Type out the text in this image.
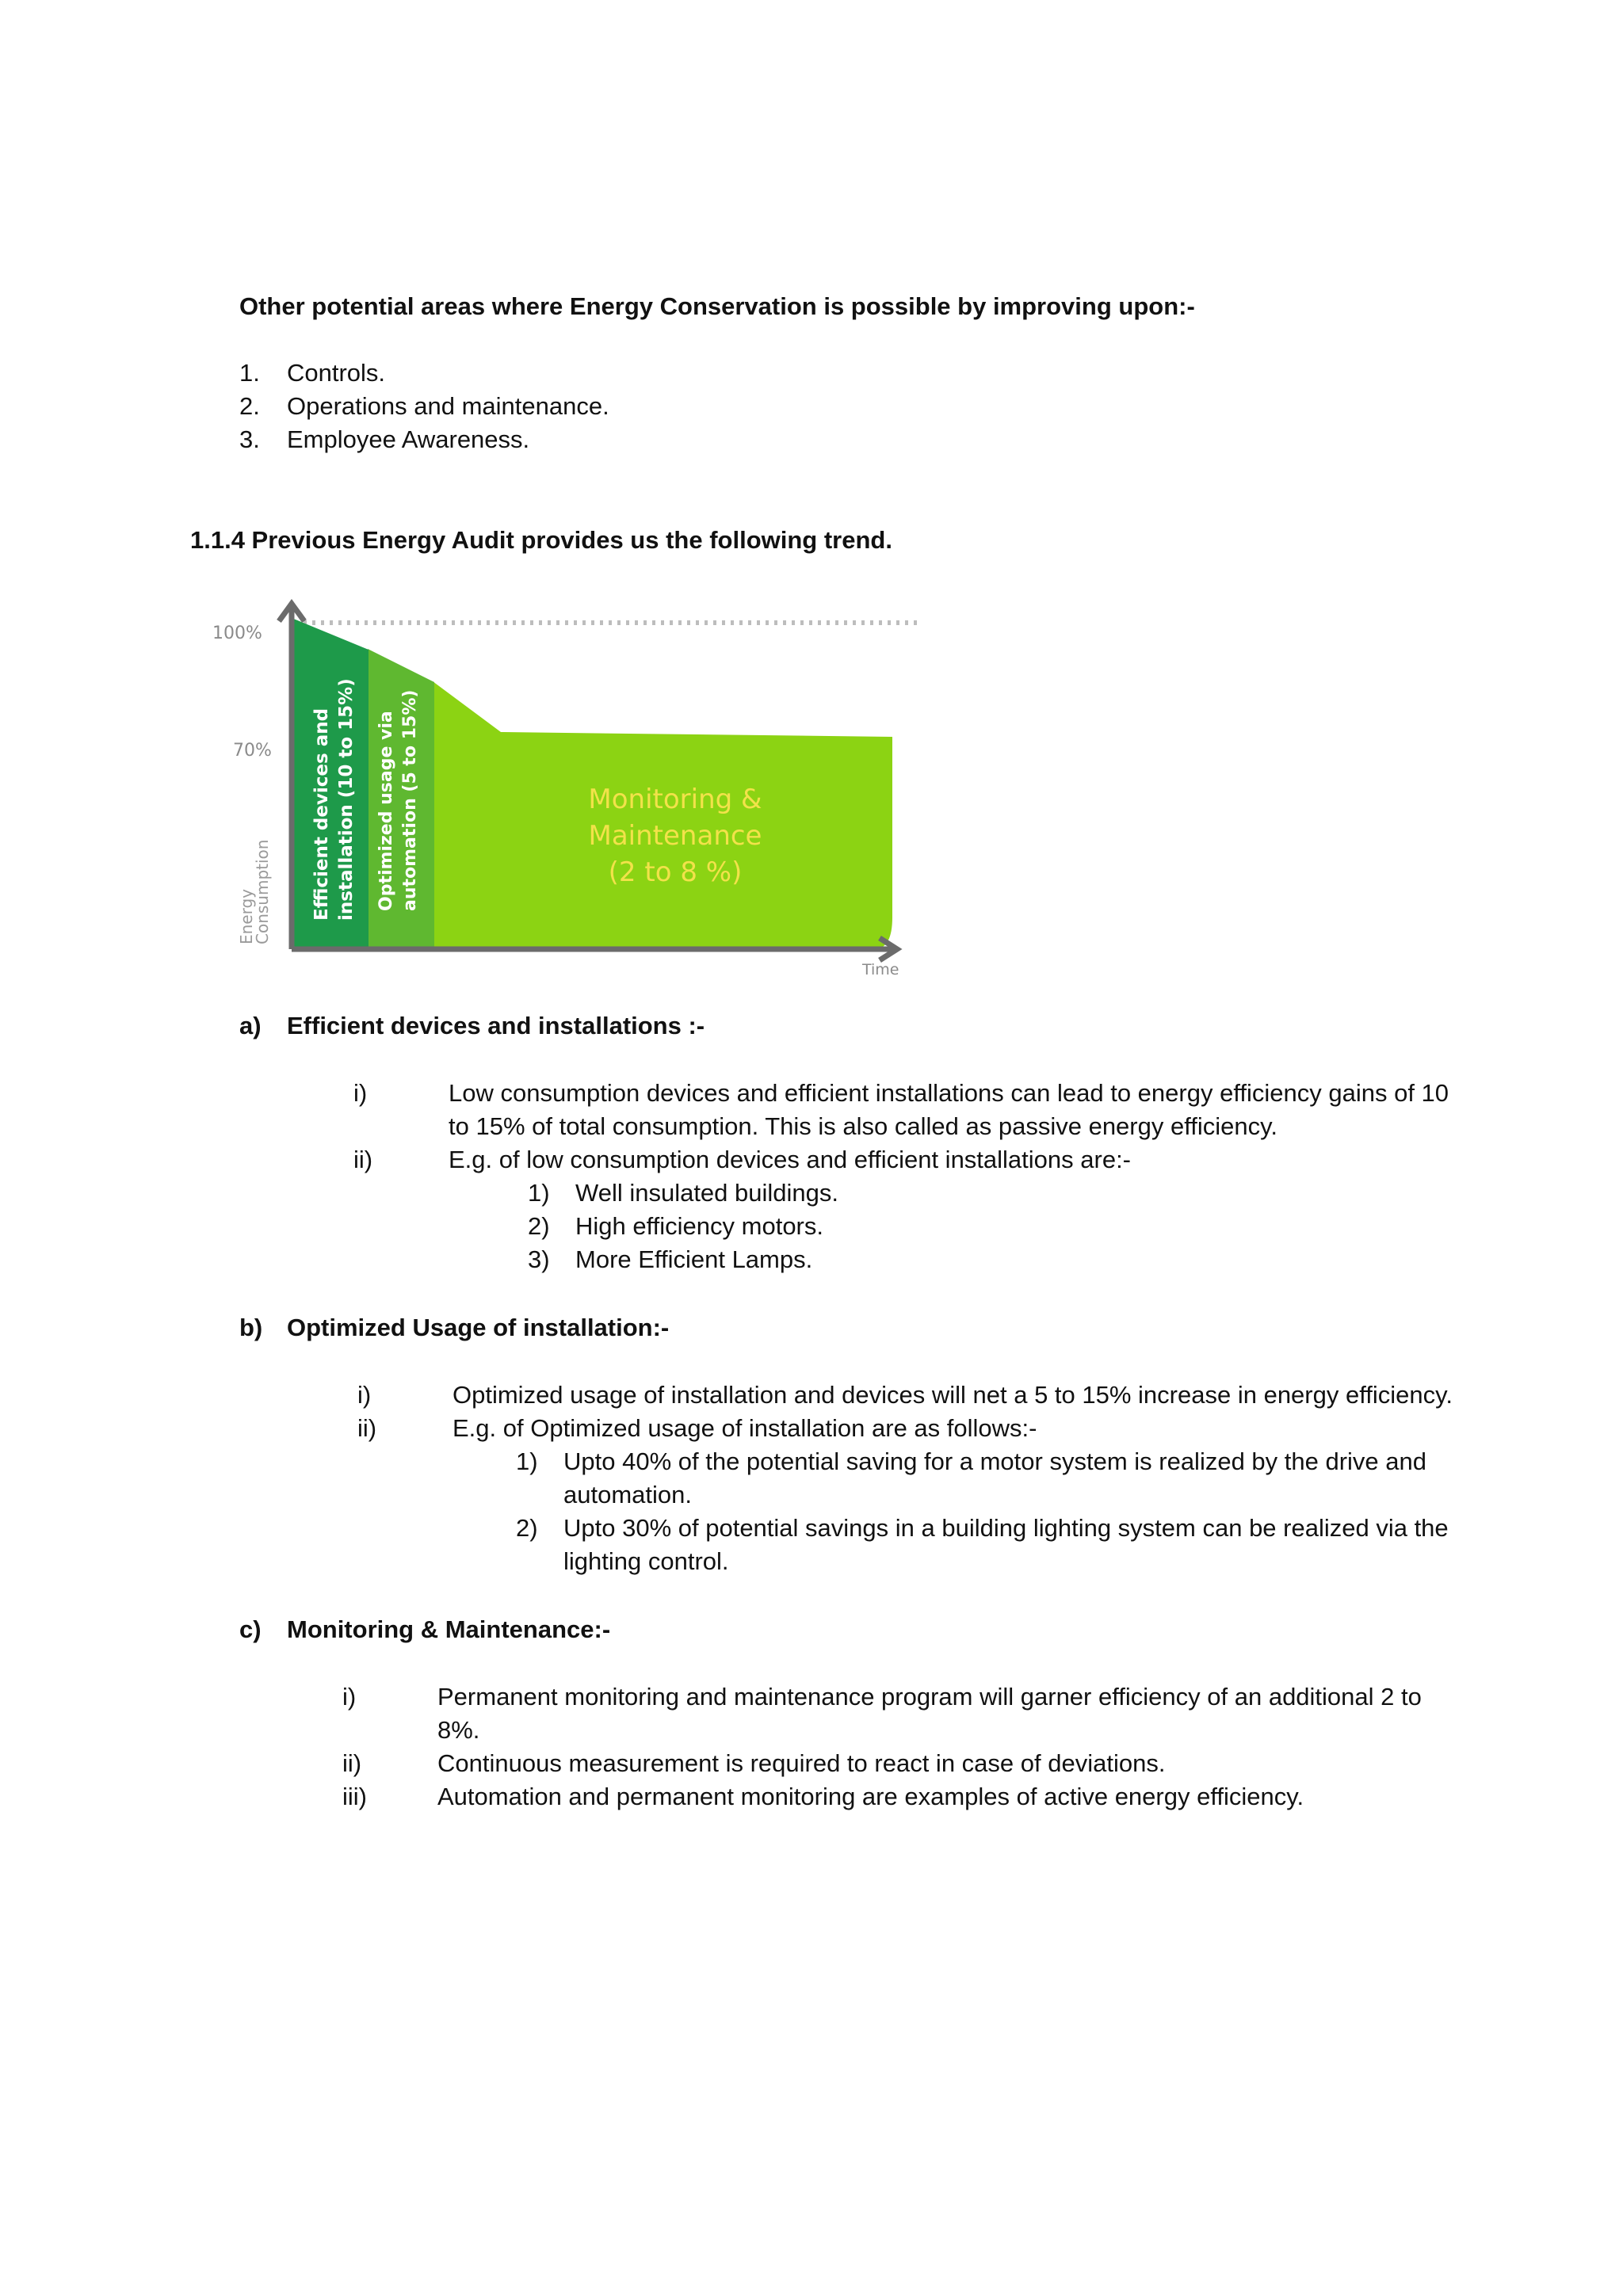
Other potential areas where Energy Conservation is possible by improving upon:-
1.	Controls.
2.	Operations and maintenance.
3.	Employee Awareness.
1.1.4 Previous Energy Audit provides us the following trend.
100%
70%
Energy
Consumption
Time
Efficient devices and installation (10 to 15%) Optimized usage via automation (5 to 15%)	Monitoring &
Maintenance
(2 to 8 %)
a) Efficient devices and installations :-
i)	Low consumption devices and efficient installations can lead to energy efficiency gains of 10
to 15% of total consumption. This is also called as passive energy efficiency.
ii)	E.g. of low consumption devices and efficient installations are:-
1) Well insulated buildings.
2) High efficiency motors.
3) More Efficient Lamps.
b) Optimized Usage of installation:-
i)	Optimized usage of installation and devices will net a 5 to 15% increase in energy efficiency.
ii)	E.g. of Optimized usage of installation are as follows:-
1) Upto 40% of the potential saving for a motor system is realized by the drive and
automation.
2) Upto 30% of potential savings in a building lighting system can be realized via the
lighting control.
c) Monitoring & Maintenance:-
i)	Permanent monitoring and maintenance program will garner efficiency of an additional 2 to
8%.
ii)	Continuous measurement is required to react in case of deviations.
iii)	Automation and permanent monitoring are examples of active energy efficiency.
